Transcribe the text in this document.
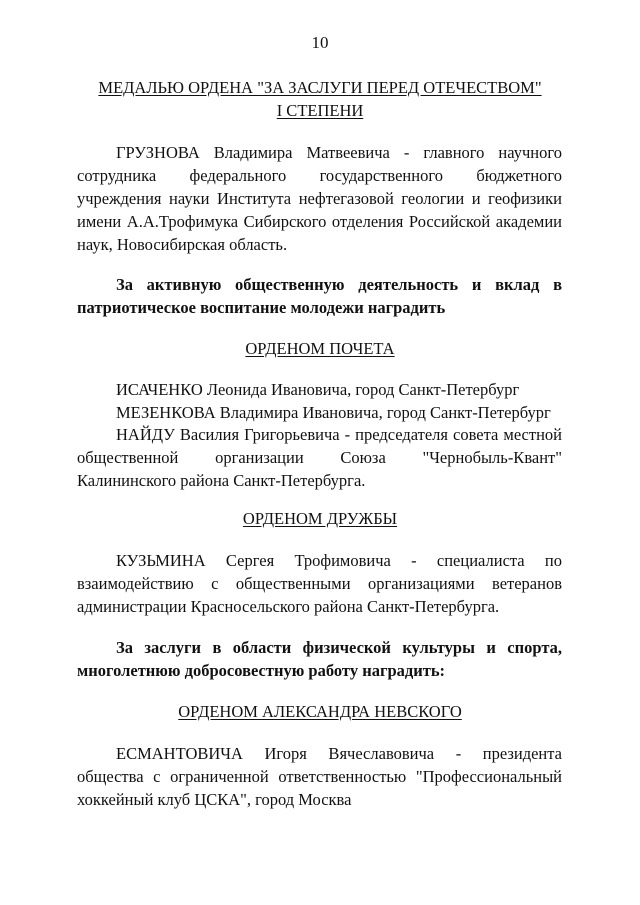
10
МЕДАЛЬЮ ОРДЕНА "ЗА ЗАСЛУГИ ПЕРЕД ОТЕЧЕСТВОМ"
I СТЕПЕНИ
ГРУЗНОВА Владимира Матвеевича - главного научного сотрудника федерального государственного бюджетного учреждения науки Института нефтегазовой геологии и геофизики имени А.А.Трофимука Сибирского отделения Российской академии наук, Новосибирская область.
За активную общественную деятельность и вклад в патриотическое воспитание молодежи наградить
ОРДЕНОМ ПОЧЕТА
ИСАЧЕНКО Леонида Ивановича, город Санкт-Петербург
МЕЗЕНКОВА Владимира Ивановича, город Санкт-Петербург
НАЙДУ Василия Григорьевича - председателя совета местной общественной организации Союза "Чернобыль-Квант" Калининского района Санкт-Петербурга.
ОРДЕНОМ ДРУЖБЫ
КУЗЬМИНА Сергея Трофимовича - специалиста по взаимодействию с общественными организациями ветеранов администрации Красносельского района Санкт-Петербурга.
За заслуги в области физической культуры и спорта, многолетнюю добросовестную работу наградить:
ОРДЕНОМ АЛЕКСАНДРА НЕВСКОГО
ЕСМАНТОВИЧА Игоря Вячеславовича - президента общества с ограниченной ответственностью "Профессиональный хоккейный клуб ЦСКА", город Москва
